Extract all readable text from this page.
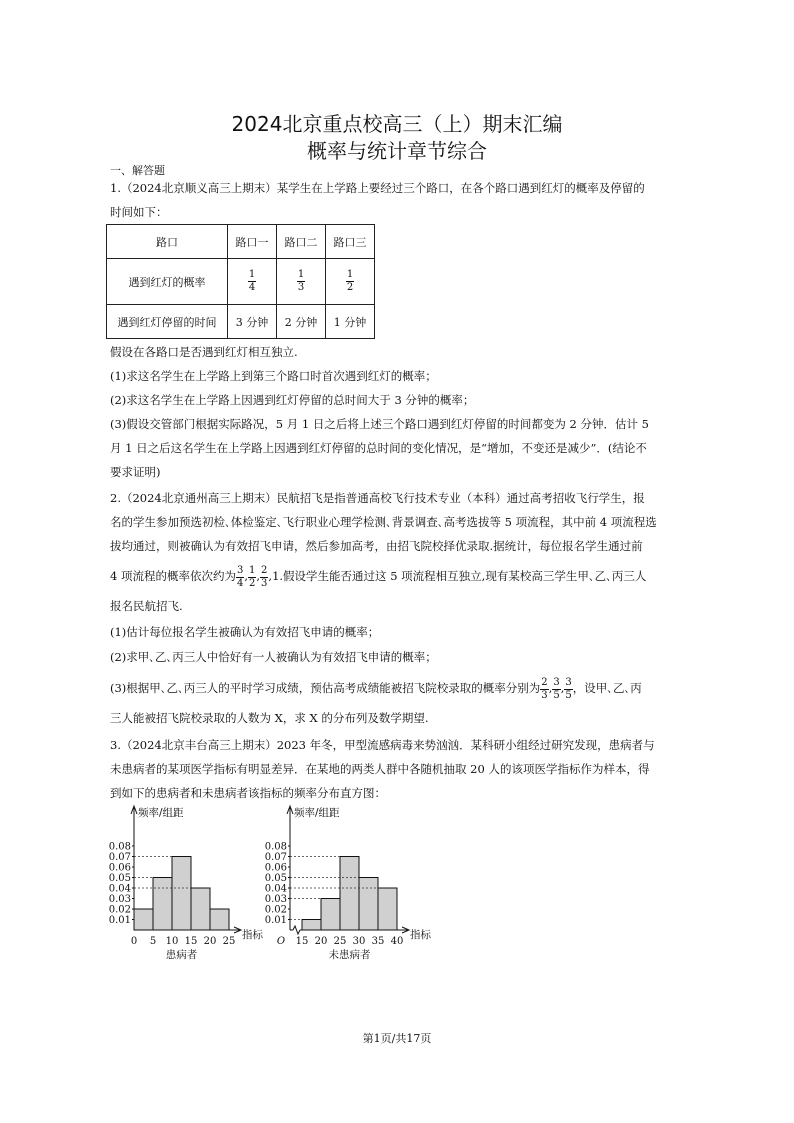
2024北京重点校高三（上）期末汇编
概率与统计章节综合
一、解答题

1.（2024北京顺义高三上期末）某学生在上学路上要经过三个路口，在各个路口遇到红灯的概率及停留的

时间如下：

路口	路口一	路口二	路口三
遇到红灯的概率	$\frac{1}{4}$	$\frac{1}{3}$	$\frac{1}{2}$

遇到红灯停留的时间	3 分钟	2 分钟	1 分钟

假设在各路口是否遇到红灯相互独立.

(1)求这名学生在上学路上到第三个路口时首次遇到红灯的概率；

(2)求这名学生在上学路上因遇到红灯停留的总时间大于 3 分钟的概率；

(3)假设交管部门根据实际路况，5 月 1 日之后将上述三个路口遇到红灯停留的时间都变为 2 分钟．估计 5

月 1 日之后这名学生在上学路上因遇到红灯停留的总时间的变化情况，是“增加，不变还是减少”．(结论不

要求证明)

2.（2024北京通州高三上期末）民航招飞是指普通高校飞行技术专业（本科）通过高考招收飞行学生，报

名的学生参加预选初检､体检鉴定､飞行职业心理学检测､背景调查､高考选拔等 5 项流程，其中前 4 项流程选

拔均通过，则被确认为有效招飞申请，然后参加高考，由招飞院校择优录取.据统计，每位报名学生通过前

4 项流程的概率依次约为 $\frac{3}{4}$ , $\frac{1}{2}$ , $\frac{2}{3} ,1$.假设学生能否通过这 5 项流程相互独立,现有某校高三学生甲､乙､丙三人

报名民航招飞.

(1)估计每位报名学生被确认为有效招飞申请的概率；

(2)求甲､乙､丙三人中恰好有一人被确认为有效招飞申请的概率；

(3)根据甲､乙､丙三人的平时学习成绩，预估高考成绩能被招飞院校录取的概率分别为 $\frac{2}{3}$ , $\frac{3}{5}$ , $\frac{3}{5}$ ，设甲､乙､丙

三人能被招飞院校录取的人数为 X，求 X 的分布列及数学期望.

3.（2024北京丰台高三上期末）2023 年冬，甲型流感病毒来势汹汹．某科研小组经过研究发现，患病者与

未患病者的某项医学指标有明显差异．在某地的两类人群中各随机抽取 20 人的该项医学指标作为样本，得

到如下的患病者和未患病者该指标的频率分布直方图：

0.01
0.02
0.03
0.04
0.05
0.06
0.07
0.08
0 5 10 15 20 25
指标
频率/组距
患病者
0.01
0.02
0.03
0.04
0.05
0.06
0.07
0.08
15 20 25 30 35 40
O
指标
频率/组距
未患病者
第1页/共17页
